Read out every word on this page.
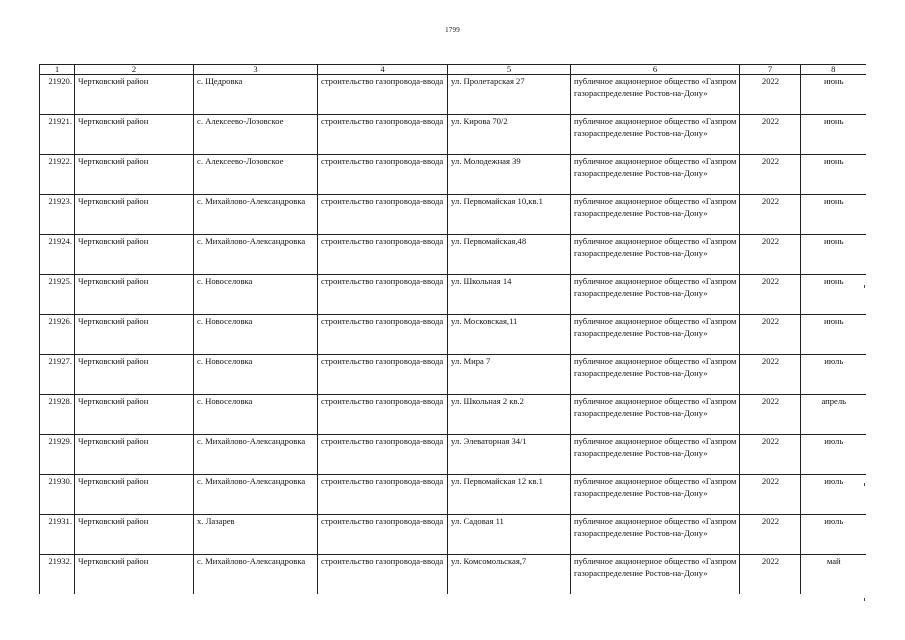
1799
1	2	3	4	5	6	7	8
21920.	Чертковский район	с. Щедровка	строительство газопровода-ввода	ул. Пролетарская 27	публичное акционерное общество «Газпром газораспределение Ростов-на-Дону»	2022	июнь
21921.	Чертковский район	с. Алексеево-Лозовское	строительство газопровода-ввода	ул. Кирова 70/2	публичное акционерное общество «Газпром газораспределение Ростов-на-Дону»	2022	июнь
21922.	Чертковский район	с. Алексеево-Лозовское	строительство газопровода-ввода	ул. Молодежная 39	публичное акционерное общество «Газпром газораспределение Ростов-на-Дону»	2022	июнь
21923.	Чертковский район	с. Михайлово-Александровка	строительство газопровода-ввода	ул. Первомайская 10,кв.1	публичное акционерное общество «Газпром газораспределение Ростов-на-Дону»	2022	июнь
21924.	Чертковский район	с. Михайлово-Александровка	строительство газопровода-ввода	ул. Первомайская,48	публичное акционерное общество «Газпром газораспределение Ростов-на-Дону»	2022	июнь
21925.	Чертковский район	с. Новоселовка	строительство газопровода-ввода	ул. Школьная 14	публичное акционерное общество «Газпром газораспределение Ростов-на-Дону»	2022	июнь
21926.	Чертковский район	с. Новоселовка	строительство газопровода-ввода	ул. Московская,11	публичное акционерное общество «Газпром газораспределение Ростов-на-Дону»	2022	июнь
21927.	Чертковский район	с. Новоселовка	строительство газопровода-ввода	ул. Мира 7	публичное акционерное общество «Газпром газораспределение Ростов-на-Дону»	2022	июль
21928.	Чертковский район	с. Новоселовка	строительство газопровода-ввода	ул. Школьная 2 кв.2	публичное акционерное общество «Газпром газораспределение Ростов-на-Дону»	2022	апрель
21929.	Чертковский район	с. Михайлово-Александровка	строительство газопровода-ввода	ул. Элеваторная 34/1	публичное акционерное общество «Газпром газораспределение Ростов-на-Дону»	2022	июль
21930.	Чертковский район	с. Михайлово-Александровка	строительство газопровода-ввода	ул. Первомайская 12 кв.1	публичное акционерное общество «Газпром газораспределение Ростов-на-Дону»	2022	июль
21931.	Чертковский район	х. Лазарев	строительство газопровода-ввода	ул. Садовая 11	публичное акционерное общество «Газпром газораспределение Ростов-на-Дону»	2022	июль
21932.	Чертковский район	с. Михайлово-Александровка	строительство газопровода-ввода	ул. Комсомольская,7	публичное акционерное общество «Газпром газораспределение Ростов-на-Дону»	2022	май
